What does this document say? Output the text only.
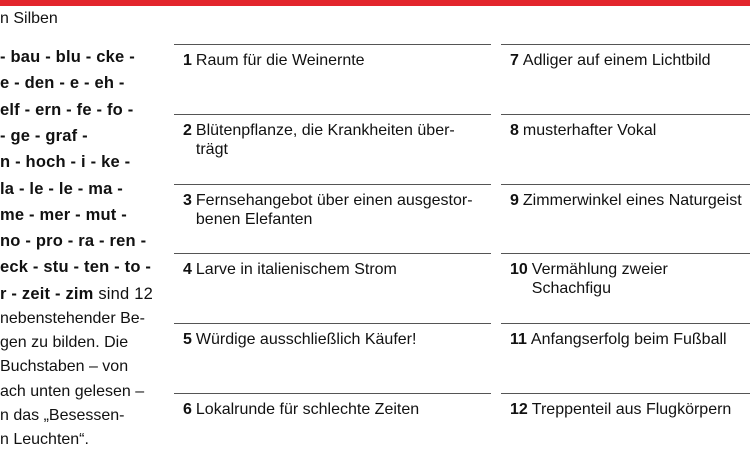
n Silben
- bau - blu - cke -
e - den - e - eh -
elf - ern - fe - fo -
- ge - graf -
n - hoch - i - ke -
la - le - le - ma -
me - mer - mut -
no - pro - ra - ren -
eck - stu - ten - to -
r - zeit - zim sind 12
nebenstehender Be-
gen zu bilden. Die
Buchstaben – von
ach unten gelesen –
n das „Besessen-
n Leuchten“.
1 Raum für die Weinernte
2 Blütenpflanze, die Krankheiten über-
trägt
3 Fernsehangebot über einen ausgestor-
benen Elefanten
4 Larve in italienischem Strom
5 Würdige ausschließlich Käufer!
6 Lokalrunde für schlechte Zeiten
7 Adliger auf einem Lichtbild
8 musterhafter Vokal
9 Zimmerwinkel eines Naturgeist
10 Vermählung zweier Schachfigu
11 Anfangserfolg beim Fußball
12 Treppenteil aus Flugkörpern
